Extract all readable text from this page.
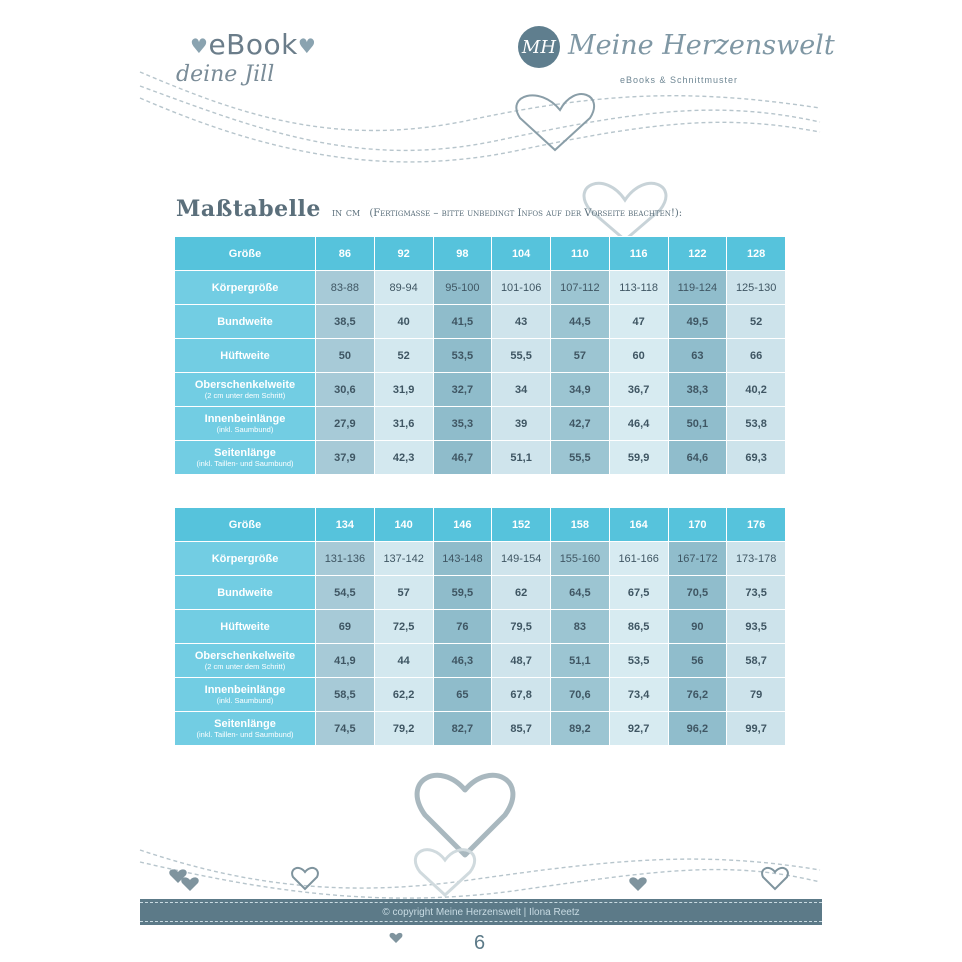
♥eBook♥
deine Jill
MH Meine Herzenswelt
eBooks & Schnittmuster
Maßtabelle in cm (Fertigmaße – bitte unbedingt Infos auf der Vorseite beachten!):
Größe	86	92	98	104	110	116	122	128
Körpergröße	83-88	89-94	95-100	101-106	107-112	113-118	119-124	125-130
Bundweite	38,5	40	41,5	43	44,5	47	49,5	52
Hüftweite	50	52	53,5	55,5	57	60	63	66
Oberschenkelweite
(2 cm unter dem Schritt)	30,6	31,9	32,7	34	34,9	36,7	38,3	40,2
Innenbeinlänge
(inkl. Saumbund)	27,9	31,6	35,3	39	42,7	46,4	50,1	53,8
Seitenlänge
(inkl. Taillen- und Saumbund)	37,9	42,3	46,7	51,1	55,5	59,9	64,6	69,3
Größe	134	140	146	152	158	164	170	176
Körpergröße	131-136	137-142	143-148	149-154	155-160	161-166	167-172	173-178
Bundweite	54,5	57	59,5	62	64,5	67,5	70,5	73,5
Hüftweite	69	72,5	76	79,5	83	86,5	90	93,5
Oberschenkelweite
(2 cm unter dem Schritt)	41,9	44	46,3	48,7	51,1	53,5	56	58,7
Innenbeinlänge
(inkl. Saumbund)	58,5	62,2	65	67,8	70,6	73,4	76,2	79
Seitenlänge
(inkl. Taillen- und Saumbund)	74,5	79,2	82,7	85,7	89,2	92,7	96,2	99,7
© copyright Meine Herzenswelt | Ilona Reetz
6
